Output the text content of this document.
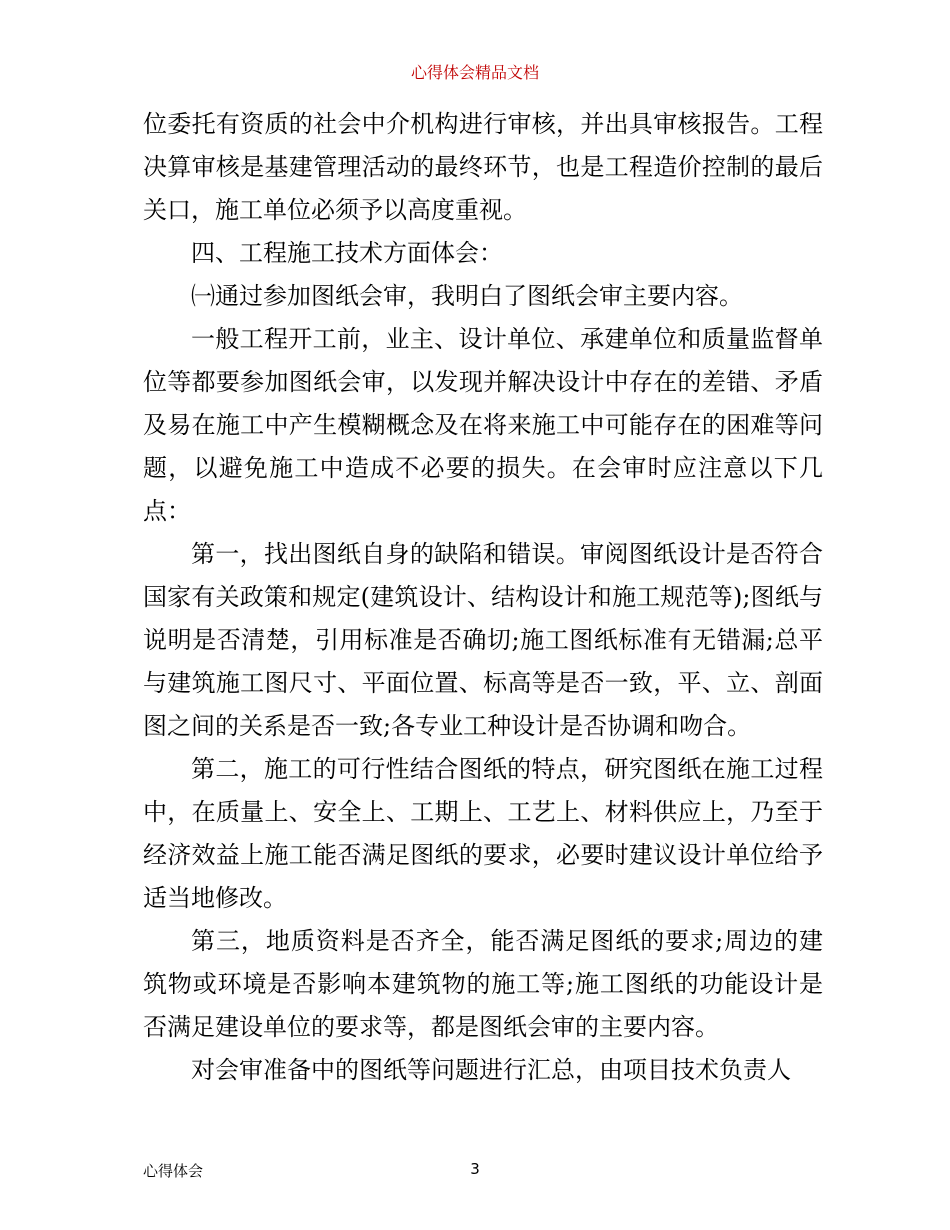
心得体会精品文档

位委托有资质的社会中介机构进行审核，并出具审核报告。工程决算审核是基建管理活动的最终环节，也是工程造价控制的最后关口，施工单位必须予以高度重视。

四、工程施工技术方面体会：

㈠通过参加图纸会审，我明白了图纸会审主要内容。

一般工程开工前，业主、设计单位、承建单位和质量监督单位等都要参加图纸会审，以发现并解决设计中存在的差错、矛盾及易在施工中产生模糊概念及在将来施工中可能存在的困难等问题，以避免施工中造成不必要的损失。在会审时应注意以下几点：

第一，找出图纸自身的缺陷和错误。审阅图纸设计是否符合国家有关政策和规定(建筑设计、结构设计和施工规范等);图纸与说明是否清楚，引用标准是否确切;施工图纸标准有无错漏;总平与建筑施工图尺寸、平面位置、标高等是否一致，平、立、剖面图之间的关系是否一致;各专业工种设计是否协调和吻合。

第二，施工的可行性结合图纸的特点，研究图纸在施工过程中，在质量上、安全上、工期上、工艺上、材料供应上，乃至于经济效益上施工能否满足图纸的要求，必要时建议设计单位给予适当地修改。

第三，地质资料是否齐全，能否满足图纸的要求;周边的建筑物或环境是否影响本建筑物的施工等;施工图纸的功能设计是否满足建设单位的要求等，都是图纸会审的主要内容。

对会审准备中的图纸等问题进行汇总，由项目技术负责人

心得体会	3
